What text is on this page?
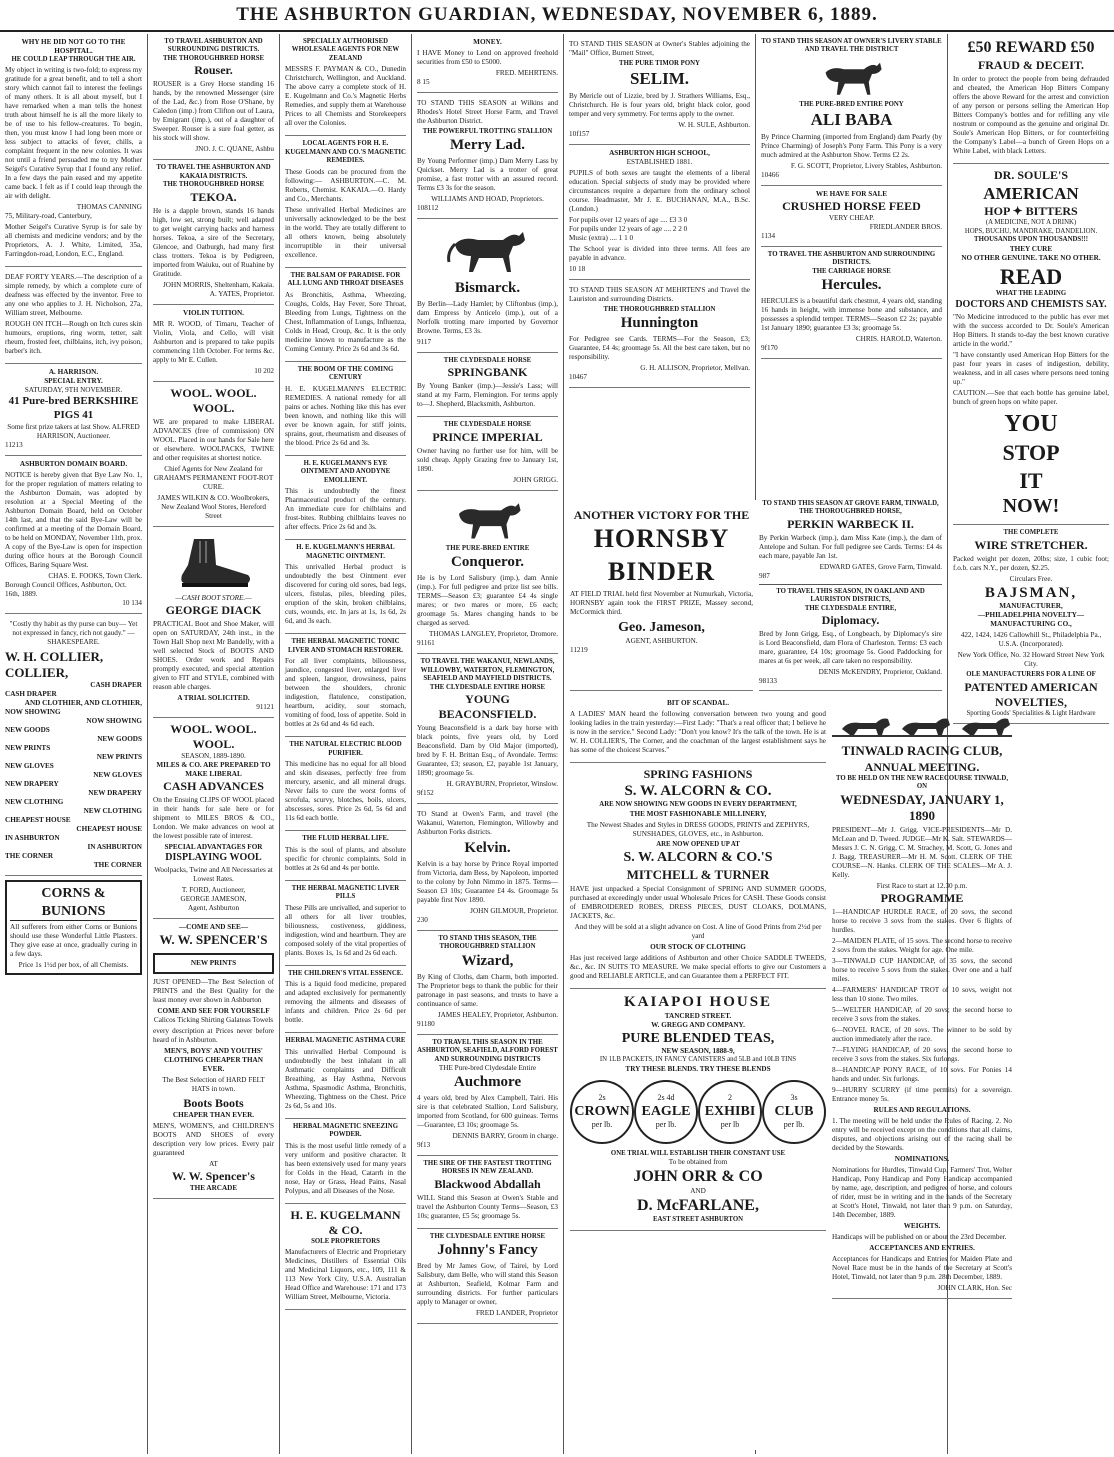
THE ASHBURTON GUARDIAN, WEDNESDAY, NOVEMBER 6, 1889.
WHY HE DID NOT GO TO THE HOSPITAL.
HE COULD LEAP THROUGH THE AIR.

My object in writing is two-fold; to express my gratitude for a great benefit, and to tell a short story which cannot fail to interest the feelings of many others. It is all about myself, but I have remarked when a man tells the honest truth about himself he is all the more likely to be of use to his fellow-creatures. To begin, then, you must know I had long been more or less subject to attacks of fever, chills, a complaint frequent in the new colonies. It was not until a friend persuaded me to try Mother Seigel's Curative Syrup that I found any relief. In a few days the pain eased and my appetite came back. I felt as if I could leap through the air with delight.

THOMAS CANNING
75, Military-road, Canterbury,

Mother Seigel's Curative Syrup is for sale by all chemists and medicine vendors; and by the Proprietors, A. J. White, Limited, 35a, Farringdon-road, London, E.C., England.

DEAF FORTY YEARS.—The description of a simple remedy, by which a complete cure of deafness was effected by the inventor. Free to any one who applies to J. H. Nicholson, 27a, William street, Melbourne.

ROUGH ON ITCH—Rough on Itch cures skin humours, eruptions, ring worm, tetter, salt rheum, frosted feet, chilblains, itch, ivy poison, barber's itch.

A. HARRISON.
SPECIAL ENTRY.
SATURDAY, 9TH NOVEMBER.
41 Pure-bred BERKSHIRE PIGS 41
Some first prize takers at last Show. ALFRED HARRISON, Auctioneer.
11213
ASHBURTON DOMAIN BOARD.

NOTICE is hereby given that Bye Law No. 1, for the proper regulation of matters relating to the Ashburton Domain, was adopted by resolution at a Special Meeting of the Ashburton Domain Board, held on October 14th last, and that the said Bye-Law will be confirmed at a meeting of the Domain Board, to be held on MONDAY, November 11th, prox. A copy of the Bye-Law is open for inspection during office hours at the Borough Council Offices, Baring Square West.

CHAS. E. FOOKS, Town Clerk.
Borough Council Offices, Ashburton, Oct. 16th, 1889.
10 134

"Costly thy habit as thy purse can buy— Yet not expressed in fancy, rich not gaudy." —SHAKESPEARE.

W. H. COLLIER, COLLIER,
CASH DRAPER
CASH DRAPER
AND CLOTHIER, AND CLOTHIER,
NOW SHOWING
NOW SHOWING
NEW GOODS
NEW GOODS
NEW PRINTS
NEW PRINTS
NEW GLOVES
NEW GLOVES
NEW DRAPERY
NEW DRAPERY
NEW CLOTHING
NEW CLOTHING
CHEAPEST HOUSE
CHEAPEST HOUSE
IN ASHBURTON
IN ASHBURTON
THE CORNER
THE CORNER
CORNS & BUNIONS

All sufferers from either Corns or Bunions should use these Wonderful Little Plasters. They give ease at once, gradually curing in a few days.

Price 1s 1½d per box, of all Chemists.
TO TRAVEL ASHBURTON AND SURROUNDING DISTRICTS.
THE THOROUGHBRED HORSE
Rouser.

ROUSER is a Grey Horse standing 16 hands, by the renowned Messenger (sire of the Lad, &c.) from Rose O'Shane, by Caledon (imp.) from Clifton out of Laura, by Emigrant (imp.), out of a daughter of Sweeper. Rouser is a sure foal getter, as his stock will show.

JNO. J. C. QUANE, Ashbu
TO TRAVEL THE ASHBURTON AND KAKAIA DISTRICTS.
THE THOROUGHBRED HORSE
TEKOA.

He is a dapple brown, stands 16 hands high, low set, strong built; well adapted to get weight carrying hacks and harness horses. Tekoa, a sire of the Secretary, Glencoe, and Oatburgh, had many first class trotters. Tekoa is by Pedigreen, imported from Waiuku, out of Ruahine by Gratitude.

JOHN MORRIS, Sheltenham, Kakaia.
A. YATES, Proprietor.
VIOLIN TUITION.

MR R. WOOD, of Timaru, Teacher of Violin, Viola, and Cello, will visit Ashburton and is prepared to take pupils commencing 11th October. For terms &c. apply to Mr E. Cullen.

10 202
WOOL. WOOL. WOOL.

WE are prepared to make LIBERAL ADVANCES (free of commission) ON WOOL. Placed in our hands for Sale here or elsewhere. WOOLPACKS, TWINE and other requisites at shortest notice.

Chief Agents for New Zealand for GRAHAM'S PERMANENT FOOT-ROT CURE.

JAMES WILKIN & CO. Woolbrokers, New Zealand Wool Stores, Hereford Street
—CASH BOOT STORE.—
GEORGE DIACK

PRACTICAL Boot and Shoe Maker, will open on SATURDAY, 24th inst., in the Town Hall Shop next Mr Bandelly, with a well selected Stock of BOOTS AND SHOES. Order work and Repairs promptly executed, and special attention given to FIT and STYLE, combined with reason able charges.

A TRIAL SOLICITED.
91121
WOOL. WOOL. WOOL.
SEASON, 1889-1890.
MILES & CO. ARE PREPARED TO MAKE LIBERAL
CASH ADVANCES

On the Ensuing CLIPS OF WOOL placed in their hands for sale here or for shipment to MILES BROS & CO., London. We make advances on wool at the lowest possible rate of interest.

SPECIAL ADVANTAGES FOR
DISPLAYING WOOL

Woolpacks, Twine and All Necessaries at Lowest Rates.

T. FORD, Auctioneer,
GEORGE JAMESON,
Agent, Ashburton
—COME AND SEE—
W. W. SPENCER'S
NEW PRINTS

JUST OPENED—The Best Selection of PRINTS and the Best Quality for the least money ever shown in Ashburton

COME AND SEE FOR YOURSELF
Calicos Ticking Shirting Galateas Towels

every description at Prices never before heard of in Ashburton.

MEN'S, BOYS' AND YOUTHS' CLOTHING CHEAPER THAN EVER.

The Best Selection of HARD FELT HATS in town.

Boots Boots
CHEAPER THAN EVER.

MEN'S, WOMEN'S, and CHILDREN'S BOOTS AND SHOES of every description very low prices. Every pair guaranteed

AT
W. W. Spencer's
THE ARCADE
SPECIALLY AUTHORISED WHOLESALE AGENTS FOR NEW ZEALAND

MESSRS F. PAYMAN & CO., Dunedin Christchurch, Wellington, and Auckland. The above carry a complete stock of H. E. Kugelmann and Co.'s Magnetic Herbs Remedies, and supply them at Warehouse Prices to all Chemists and Storekeepers all over the Colonies.

LOCAL AGENTS FOR H. E. KUGELMANN AND CO.'S MAGNETIC REMEDIES.

These Goods can be procured from the following:— ASHBURTON.—C. M. Roberts, Chemist. KAKAIA.—O. Hardy and Co., Merchants.

These unrivalled Herbal Medicines are universally acknowledged to be the best in the world. They are totally different to all others known, being absolutely incorruptible in their universal excellence.

THE BALSAM OF PARADISE. FOR ALL LUNG AND THROAT DISEASES

As Bronchitis, Asthma, Wheezing, Coughs, Colds, Hay Fever, Sore Throat, Bleeding from Lungs, Tightness on the Chest, Inflammation of Lungs, Influenza, Colds in Head, Croup, &c. It is the only medicine known to manufacture as the Coming Century. Price 2s 6d and 3s 6d.

THE BOOM OF THE COMING CENTURY

H. E. KUGELMANN'S ELECTRIC REMEDIES. A national remedy for all pains or aches. Nothing like this has ever been known, and nothing like this will ever be known again, for stiff joints, sprains, gout, rheumatism and diseases of the blood. Price 2s 6d and 3s.

H. E. KUGELMANN'S EYE OINTMENT AND ANODYNE EMOLLIENT.

This is undoubtedly the finest Pharmaceutical product of the century. An immediate cure for chilblains and frost-bites. Rubbing chilblains leaves no after effects. Price 2s 6d and 3s.

H. E. KUGELMANN'S HERBAL MAGNETIC OINTMENT.

This unrivalled Herbal product is undoubtedly the best Ointment ever discovered for curing old sores, bad legs, ulcers, fistulas, piles, bleeding piles, eruption of the skin, broken chilblains, cuts, wounds, etc. In jars at 1s, 1s 6d, 2s 6d, and 3s each.

THE HERBAL MAGNETIC TONIC LIVER AND STOMACH RESTORER.

For all liver complaints, biliousness, jaundice, congested liver, enlarged liver and spleen, languor, drowsiness, pains between the shoulders, chronic indigestion, flatulence, constipation, heartburn, acidity, sour stomach, vomiting of food, loss of appetite. Sold in bottles at 2s 6d and 4s 6d each.

THE NATURAL ELECTRIC BLOOD PURIFIER.

This medicine has no equal for all blood and skin diseases, perfectly free from mercury, arsenic, and all mineral drugs. Never fails to cure the worst forms of scrofula, scurvy, blotches, boils, ulcers, abscesses, sores. Price 2s 6d, 5s 6d and 11s 6d each bottle.

THE FLUID HERBAL LIFE.

This is the soul of plants, and absolute specific for chronic complaints. Sold in bottles at 2s 6d and 4s per bottle.

THE HERBAL MAGNETIC LIVER PILLS

These Pills are unrivalled, and superior to all others for all liver troubles, biliousness, costiveness, giddiness, indigestion, wind and heartburn. They are composed solely of the vital properties of plants. Boxes 1s, 1s 6d and 2s 6d each.

THE CHILDREN'S VITAL ESSENCE.

This is a liquid food medicine, prepared and adapted exclusively for permanently removing the ailments and diseases of infants and children. Price 2s 6d per bottle.

HERBAL MAGNETIC ASTHMA CURE

This unrivalled Herbal Compound is undoubtedly the best inhalant in all Asthmatic complaints and Difficult Breathing, as Hay Asthma, Nervous Asthma, Spasmodic Asthma, Bronchitis, Wheezing, Tightness on the Chest. Price 2s 6d, 5s and 10s.

HERBAL MAGNETIC SNEEZING POWDER.

This is the most useful little remedy of a very uniform and positive character. It has been extensively used for many years for Colds in the Head, Catarrh in the nose, Hay or Grass, Head Pains, Nasal Polypus, and all Diseases of the Nose.

H. E. KUGELMANN & CO.
SOLE PROPRIETORS

Manufacturers of Electric and Proprietary Medicines, Distillers of Essential Oils and Medicinal Liquors, etc., 109, 111 & 113 New York City, U.S.A. Australian Head Office and Warehouse: 171 and 173 William Street, Melbourne, Victoria.

MONEY.

I HAVE Money to Lend on approved freehold securities from £50 to £5000.

FRED. MEHRTENS.
8 15

TO STAND THIS SEASON at Wilkins and Rhodes's Hotel Street Horse Farm, and Travel the Ashburton District.

THE POWERFUL TROTTING STALLION
Merry Lad.

By Young Performer (imp.) Dam Merry Lass by Quickset. Merry Lad is a trotter of great promise, a fast trotter with an assured record. Terms £3 3s for the season.

WILLIAMS AND HOAD, Proprietors.
108112
Bismarck.

By Berlin—Lady Hamlet; by Cliftonbus (imp.), dam Empress by Anticelo (imp.), out of a Norfolk trotting mare imported by Governor Browne. Terms, £3 3s.

9117
THE CLYDESDALE HORSE
SPRINGBANK

By Young Banker (imp.)—Jessie's Lass; will stand at my Farm, Flemington. For terms apply to—J. Shepherd, Blacksmith, Ashburton.

THE CLYDESDALE HORSE
PRINCE IMPERIAL

Owner having no further use for him, will be sold cheap. Apply Grazing free to January 1st, 1890.

JOHN GRIGG.
THE PURE-BRED ENTIRE
Conqueror.

He is by Lord Salisbury (imp.), dam Annie (imp.). For full pedigree and prize list see bills. TERMS—Season £3; guarantee £4 4s single mares; or two mares or more, £6 each; groomage 5s. Mares changing hands to be charged as served.

THOMAS LANGLEY, Proprietor, Dromore.
91161
TO TRAVEL THE WAKANUI, NEWLANDS, WILLOWBY, WATERTON, FLEMINGTON, SEAFIELD AND MAYFIELD DISTRICTS.
THE CLYDESDALE ENTIRE HORSE
YOUNG BEACONSFIELD.

Young Beaconsfield is a dark bay horse with black points, five years old, by Lord Beaconsfield. Dam by Old Major (imported), bred by F. H. Brittan Esq., of Avondale. Terms: Guarantee, £3; season, £2, payable 1st January, 1890; groomage 5s.

H. GRAYBURN, Proprietor, Winslow.
9f152

TO Stand at Owen's Farm, and travel (the Wakanui, Waterton, Flemington, Willowby and Ashburton Forks districts.

Kelvin.

Kelvin is a bay horse by Prince Royal imported from Victoria, dam Bess, by Napoleon, imported to the colony by John Nimmo in 1875. Terms—Season £3 10s; Guarantee £4 4s. Groomage 5s payable first Nov 1890.

JOHN GILMOUR, Proprietor.
230
TO STAND THIS SEASON, THE THOROUGHBRED STALLION
Wizard,

By King of Cloths, dam Charm, both imported. The Proprietor begs to thank the public for their patronage in past seasons, and trusts to have a continuance of same.

JAMES HEALEY, Proprietor, Ashburton.
91180
TO TRAVEL THIS SEASON IN THE ASHBURTON, SEAFIELD, ALFORD FOREST AND SURROUNDING DISTRICTS
THE Pure-bred Clydesdale Entire
Auchmore

4 years old, bred by Alex Campbell, Tairi. His sire is that celebrated Stallion, Lord Salisbury, imported from Scotland, for 600 guineas. Terms—Guarantee, £3 10s; groomage 5s.

DENNIS BARRY, Groom in charge.
9f13
THE SIRE OF THE FASTEST TROTTING HORSES IN NEW ZEALAND.
Blackwood Abdallah

WILL Stand this Season at Owen's Stable and travel the Ashburton County Terms—Season, £3 10s; guarantee, £5 5s; groomage 5s.

THE CLYDESDALE ENTIRE HORSE
Johnny's Fancy

Bred by Mr James Gow, of Tairei, by Lord Salisbury, dam Belle, who will stand this Season at Ashburton, Seafield, Kolmar Farm and surrounding districts. For further particulars apply to Manager or owner,

FRED LANDER, Proprietor

TO STAND THIS SEASON at Owner's Stables adjoining the "Mail" Office, Burnett Street,

THE PURE TIMOR PONY
SELIM.

By Mericle out of Lizzie, bred by J. Strathers Williams, Esq., Christchurch. He is four years old, bright black color, good temper and very symmetry. For terms apply to the owner.

W. H. SULE, Ashburton.
10f157
ASHBURTON HIGH SCHOOL,
ESTABLISHED 1881.

PUPILS of both sexes are taught the elements of a liberal education. Special subjects of study may be provided where circumstances require a departure from the ordinary school course. Headmaster, Mr J. E. BUCHANAN, M.A., B.Sc. (London.)

For pupils over 12 years of age .... £3 3 0
For pupils under 12 years of age .... 2 2 0
Music (extra) .... 1 1 0

The School year is divided into three terms. All fees are payable in advance.

10 18

TO STAND THIS SEASON AT MEHRTEN'S and Travel the Lauriston and surrounding Districts.

THE THOROUGHBRED STALLION
Hunnington

For Pedigree see Cards. TERMS—For the Season, £3; Guarantee, £4 4s; groomage 5s. All the best care taken, but no responsibility.

G. H. ALLISON, Proprietor, Mellvan.
10467
TO STAND THIS SEASON AT OWNER'S LIVERY STABLE AND TRAVEL THE DISTRICT
THE PURE-BRED ENTIRE PONY
ALI BABA

By Prince Charming (imported from England) dam Pearly (by Prince Charming) of Joseph's Pony Farm. This Pony is a very much admired at the Ashburton Show. Terms £2 2s.

F. G. SCOTT, Proprietor, Livery Stables, Ashburton.
10466
WE HAVE FOR SALE
CRUSHED HORSE FEED
VERY CHEAP.
FRIEDLANDER BROS.
1134
TO TRAVEL THE ASHBURTON AND SURROUNDING DISTRICTS.
THE CARRIAGE HORSE
Hercules.

HERCULES is a beautiful dark chestnut, 4 years old, standing 16 hands in height, with immense bone and substance, and possesses a splendid temper. TERMS—Season £2 2s; payable 1st January 1890; guarantee £3 3s; groomage 5s.

CHRIS. HAROLD, Waterton.
9f170
£50 REWARD £50
FRAUD & DECEIT.

In order to protect the people from being defrauded and cheated, the American Hop Bitters Company offers the above Reward for the arrest and conviction of any person or persons selling the American Hop Bitters Company's bottles and for refilling any vile nostrum or compound as the genuine and original Dr. Soule's American Hop Bitters, or for counterfeiting the Company's Label—a bunch of Green Hops on a White Label, with black Letters.

DR. SOULE'S
AMERICAN
HOP ✦ BITTERS
(A MEDICINE, NOT A DRINK)
HOPS, BUCHU, MANDRAKE, DANDELION.
THOUSANDS UPON THOUSANDS!!!
THEY CURE
NO OTHER GENUINE. TAKE NO OTHER.
READ
WHAT THE LEADING
DOCTORS AND CHEMISTS SAY.

"No Medicine introduced to the public has ever met with the success accorded to Dr. Soule's American Hop Bitters. It stands to-day the best known curative article in the world."

"I have constantly used American Hop Bitters for the past four years in cases of indigestion, debility, weakness, and in all cases where persons need toning up."

CAUTION.—See that each bottle has genuine label, bunch of green hops on white paper.

YOU
STOP
IT
NOW!
THE COMPLETE
WIRE STRETCHER.

Packed weight per dozen, 20lbs; size, 1 cubic foot; f.o.b. cars N.Y., per dozen, $2.25.

Circulars Free.
BAJSMAN,
MANUFACTURER,
—PHILADELPHIA NOVELTY—
MANUFACTURING CO.,

422, 1424, 1426 Callowhill St., Philadelphia Pa., U.S.A. (Incorporated).

New York Office, No. 32 Howard Street New York City.

OLE MANUFACTURERS FOR A LINE OF
PATENTED AMERICAN
NOVELTIES,
Sporting Goods' Specialities & Light Hardware
ANOTHER VICTORY FOR THE
HORNSBY BINDER

AT FIELD TRIAL held first November at Numurkah, Victoria, HORNSBY again took the FIRST PRIZE, Massey second, McCormick third.

Geo. Jameson,
AGENT, ASHBURTON.
11219
TO STAND THIS SEASON AT GROVE FARM, TINWALD,
THE THOROUGHBRED HORSE,
PERKIN WARBECK II.

By Perkin Warbeck (imp.), dam Miss Kate (imp.), the dam of Antelope and Sultan. For full pedigree see Cards. Terms: £4 4s each mare, payable Jan 1st.

EDWARD GATES, Grove Farm, Tinwald.
987
TO TRAVEL THIS SEASON, IN OAKLAND AND LAURISTON DISTRICTS,
THE CLYDESDALE ENTIRE,
Diplomacy.

Bred by Jonn Grigg, Esq., of Longbeach, by Diplomacy's sire is Lord Beaconsfield, dam Flora of Charleston. Terms: £3 each mare, guarantee, £4 10s; groomage 5s. Good Paddocking for mares at 6s per week, all care taken no responsibility.

DENIS McKENDRY, Proprietor, Oakland.
98133
BIT OF SCANDAL.

A LADIES' MAN heard the following conversation between two young and good looking ladies in the train yesterday:—First Lady: "That's a real officer that; I believe he is now in the service." Second Lady: "Don't you know? It's the talk of the town. He is at W. H. COLLIER'S, The Corner, and the coachman of the largest establishment says he has some of the choicest Scarves."

SPRING FASHIONS
S. W. ALCORN & CO.
ARE NOW SHOWING NEW GOODS IN EVERY DEPARTMENT,
THE MOST FASHIONABLE MILLINERY,

The Newest Shades and Styles in DRESS GOODS, PRINTS and ZEPHYRS, SUNSHADES, GLOVES, etc., in Ashburton.

ARE NOW OPENED UP AT
S. W. ALCORN & CO.'S
MITCHELL & TURNER

HAVE just unpacked a Special Consignment of SPRING AND SUMMER GOODS, purchased at exceedingly under usual Wholesale Prices for CASH. These Goods consist of EMBROIDERED ROBES, DRESS PIECES, DUST CLOAKS, DOLMANS, JACKETS, &c.

And they will be sold at a slight advance on Cost. A line of Good Prints from 2½d per yard

OUR STOCK OF CLOTHING

Has just received large additions of Ashburton and other Choice SADDLE TWEEDS, &c., &c. IN SUITS TO MEASURE. We make special efforts to give our Customers a good and RELIABLE ARTICLE, and can Guarantee them a PERFECT FIT.

KAIAPOI HOUSE
TANCRED STREET.
W. GREGG AND COMPANY.
PURE BLENDED TEAS,
NEW SEASON, 1888-9,
IN 1LB PACKETS, IN FANCY CANISTERS and 5LB and 10LB TINS
TRY THESE BLENDS. TRY THESE BLENDS
2s
CROWN
per lb.
2s 4d
EAGLE
per lb.
2
EXHIBI
per lb
3s
CLUB
per lb.
ONE TRIAL WILL ESTABLISH THEIR CONSTANT USE
To be obtained from
JOHN ORR & CO
AND
D. McFARLANE,
EAST STREET ASHBURTON
TINWALD RACING CLUB,
ANNUAL MEETING.
TO BE HELD ON THE NEW RACECOURSE TINWALD, ON
WEDNESDAY, JANUARY 1, 1890

PRESIDENT—Mr J. Grigg. VICE-PRESIDENTS—Mr D. McLean and D. Tweed. JUDGE—Mr K. Salt. STEWARDS—Messrs J. C. N. Grigg, C. M. Strachey, M. Scott, G. Jones and J. Bagg. TREASURER—Mr H. M. Scott. CLERK OF THE COURSE—N. Hanks. CLERK OF THE SCALES—Mr A. J. Kelly.

First Race to start at 12.30 p.m.
PROGRAMME

1—HANDICAP HURDLE RACE, of 20 sovs, the second horse to receive 3 sovs from the stakes. Over 6 flights of hurdles.

2—MAIDEN PLATE, of 15 sovs. The second horse to receive 2 sovs from the stakes. Weight for age. One mile.

3—TINWALD CUP HANDICAP, of 35 sovs, the second horse to receive 5 sovs from the stakes. Over one and a half miles.

4—FARMERS' HANDICAP TROT of 10 sovs, weight not less than 10 stone. Two miles.

5—WELTER HANDICAP, of 20 sovs; the second horse to receive 3 sovs from the stakes.

6—NOVEL RACE, of 20 sovs. The winner to be sold by auction immediately after the race.

7—FLYING HANDICAP, of 20 sovs; the second horse to receive 3 sovs from the stakes. Six furlongs.

8—HANDICAP PONY RACE, of 10 sovs. For Ponies 14 hands and under. Six furlongs.

9—HURRY SCURRY (if time permits) for a sovereign. Entrance money 5s.

RULES AND REGULATIONS.

1. The meeting will be held under the Rules of Racing. 2. No entry will be received except on the conditions that all claims, disputes, and objections arising out of the racing shall be decided by the Stewards.

NOMINATIONS.

Nominations for Hurdles, Tinwald Cup, Farmers' Trot, Welter Handicap, Pony Handicap and Pony Handicap accompanied by name, age, description, and pedigree of horse, and colours of rider, must be in writing and in the hands of the Secretary at Scott's Hotel, Tinwald, not later than 9 p.m. on Saturday, 14th December, 1889.

WEIGHTS.

Handicaps will be published on or about the 23rd December.

ACCEPTANCES AND ENTRIES.

Acceptances for Handicaps and Entries for Maiden Plate and Novel Race must be in the hands of the Secretary at Scott's Hotel, Tinwald, not later than 9 p.m. 28th December, 1889.

JOHN CLARK, Hon. Sec
